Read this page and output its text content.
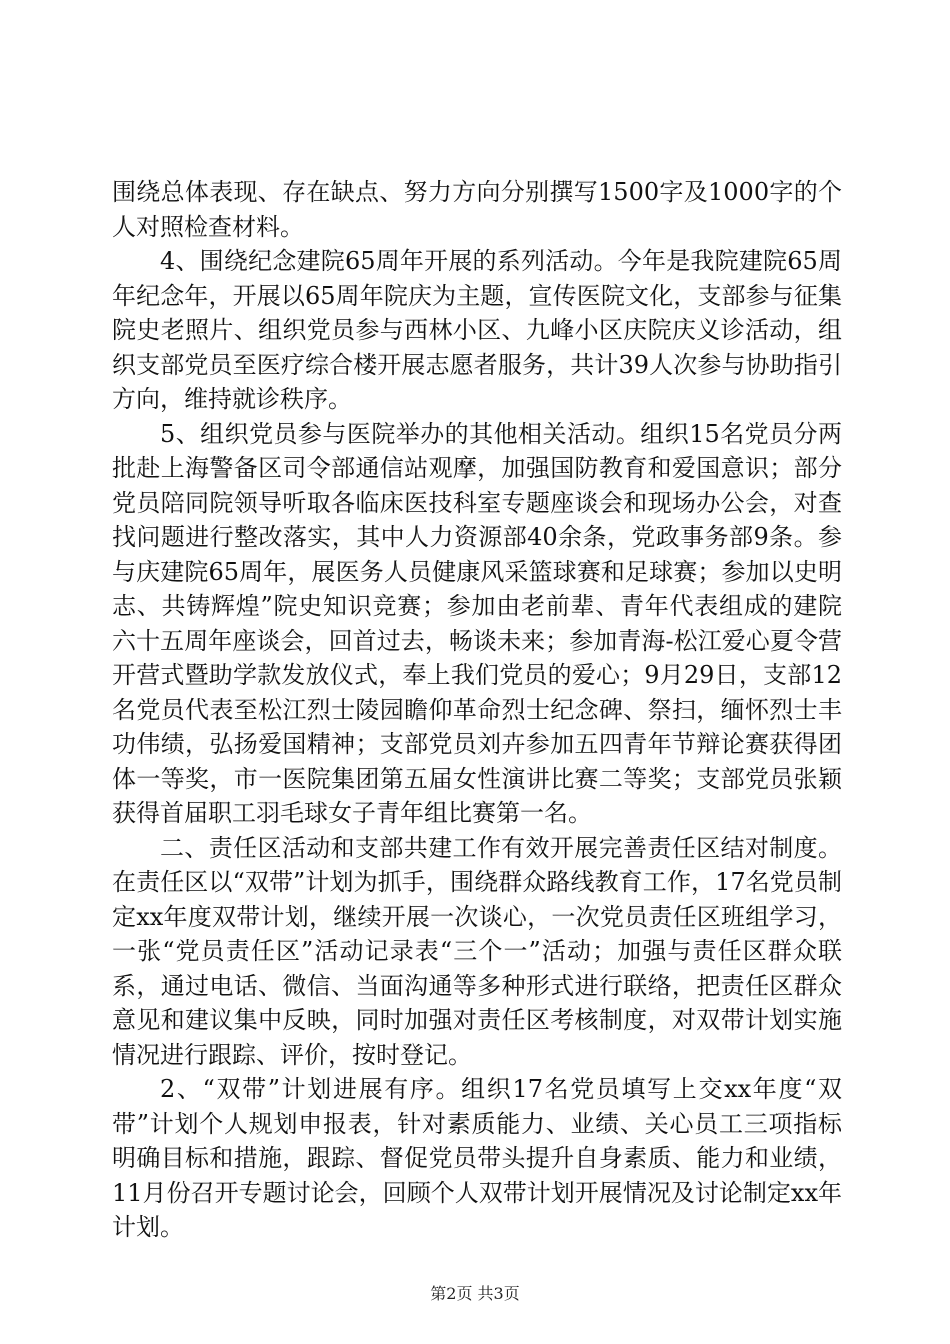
围绕总体表现、存在缺点、努力方向分别撰写1500字及1000字的个人对照检查材料。

4、围绕纪念建院65周年开展的系列活动。今年是我院建院65周年纪念年，开展以65周年院庆为主题，宣传医院文化，支部参与征集院史老照片、组织党员参与西林小区、九峰小区庆院庆义诊活动，组织支部党员至医疗综合楼开展志愿者服务，共计39人次参与协助指引方向，维持就诊秩序。

5、组织党员参与医院举办的其他相关活动。组织15名党员分两批赴上海警备区司令部通信站观摩，加强国防教育和爱国意识；部分党员陪同院领导听取各临床医技科室专题座谈会和现场办公会，对查找问题进行整改落实，其中人力资源部40余条，党政事务部9条。参与庆建院65周年，展医务人员健康风采篮球赛和足球赛；参加以史明志、共铸辉煌”院史知识竞赛；参加由老前辈、青年代表组成的建院六十五周年座谈会，回首过去，畅谈未来；参加青海-松江爱心夏令营开营式暨助学款发放仪式，奉上我们党员的爱心；9月29日，支部12名党员代表至松江烈士陵园瞻仰革命烈士纪念碑、祭扫，缅怀烈士丰功伟绩，弘扬爱国精神；支部党员刘卉参加五四青年节辩论赛获得团体一等奖，市一医院集团第五届女性演讲比赛二等奖；支部党员张颖获得首届职工羽毛球女子青年组比赛第一名。

二、责任区活动和支部共建工作有效开展完善责任区结对制度。在责任区以“双带”计划为抓手，围绕群众路线教育工作，17名党员制定xx年度双带计划，继续开展一次谈心，一次党员责任区班组学习，一张“党员责任区”活动记录表“三个一”活动；加强与责任区群众联系，通过电话、微信、当面沟通等多种形式进行联络，把责任区群众意见和建议集中反映，同时加强对责任区考核制度，对双带计划实施情况进行跟踪、评价，按时登记。

2、“双带”计划进展有序。组织17名党员填写上交xx年度“双带”计划个人规划申报表，针对素质能力、业绩、关心员工三项指标明确目标和措施，跟踪、督促党员带头提升自身素质、能力和业绩，11月份召开专题讨论会，回顾个人双带计划开展情况及讨论制定xx年计划。

第2页 共3页
